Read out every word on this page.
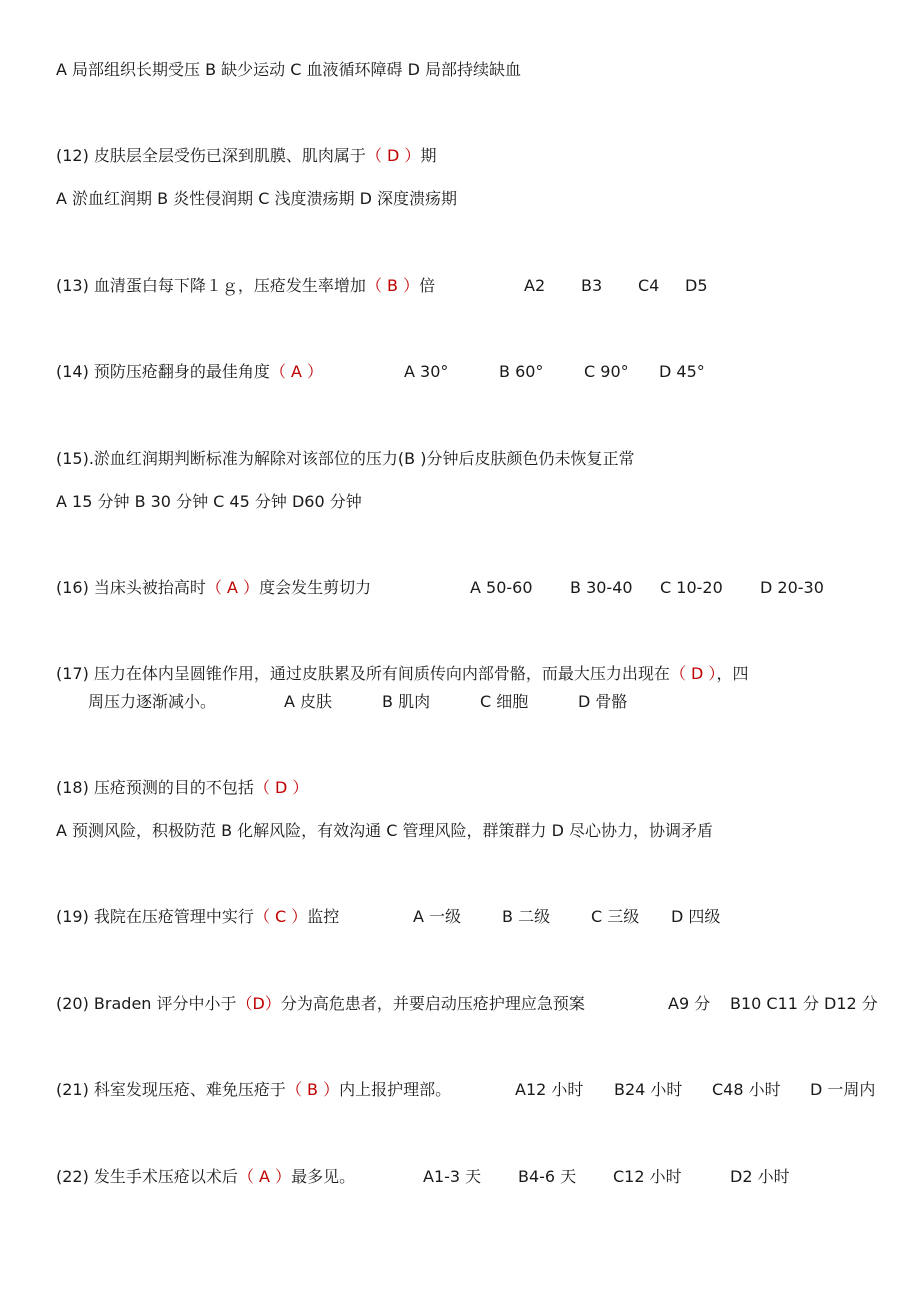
A 局部组织长期受压 B 缺少运动 C 血液循环障碍 D 局部持续缺血
(12) 皮肤层全层受伤已深到肌膜、肌肉属于（ D ）期
A 淤血红润期 B 炎性侵润期 C 浅度溃疡期 D 深度溃疡期
(13) 血清蛋白每下降１ｇ，压疮发生率增加（ B ）倍	A2 B3 C4 D5
(14) 预防压疮翻身的最佳角度（ A ）	A 30°	B 60°	C 90° D 45°
(15).淤血红润期判断标准为解除对该部位的压力(B )分钟后皮肤颜色仍未恢复正常
A 15 分钟 B 30 分钟 C 45 分钟 D60 分钟
(16) 当床头被抬高时（ A ）度会发生剪切力	A 50-60 B 30-40 C 10-20 D 20-30
(17) 压力在体内呈圆锥作用，通过皮肤累及所有间质传向内部骨骼，而最大压力出现在（ D ），四
周压力逐渐减小。	A 皮肤	B 肌肉	C 细胞	D 骨骼
(18) 压疮预测的目的不包括（ D ）
A 预测风险，积极防范 B 化解风险，有效沟通 C 管理风险，群策群力 D 尽心协力，协调矛盾
(19) 我院在压疮管理中实行（ C ）监控	A 一级	B 二级	C 三级 D 四级
(20) Braden 评分中小于（D）分为高危患者，并要启动压疮护理应急预案	A9 分 B10 C11 分 D12 分
(21) 科室发现压疮、难免压疮于（ B ）内上报护理部。	A12 小时 B24 小时 C48 小时 D 一周内
(22) 发生手术压疮以术后（ A ）最多见。	A1-3 天 B4-6 天 C12 小时	D2 小时
